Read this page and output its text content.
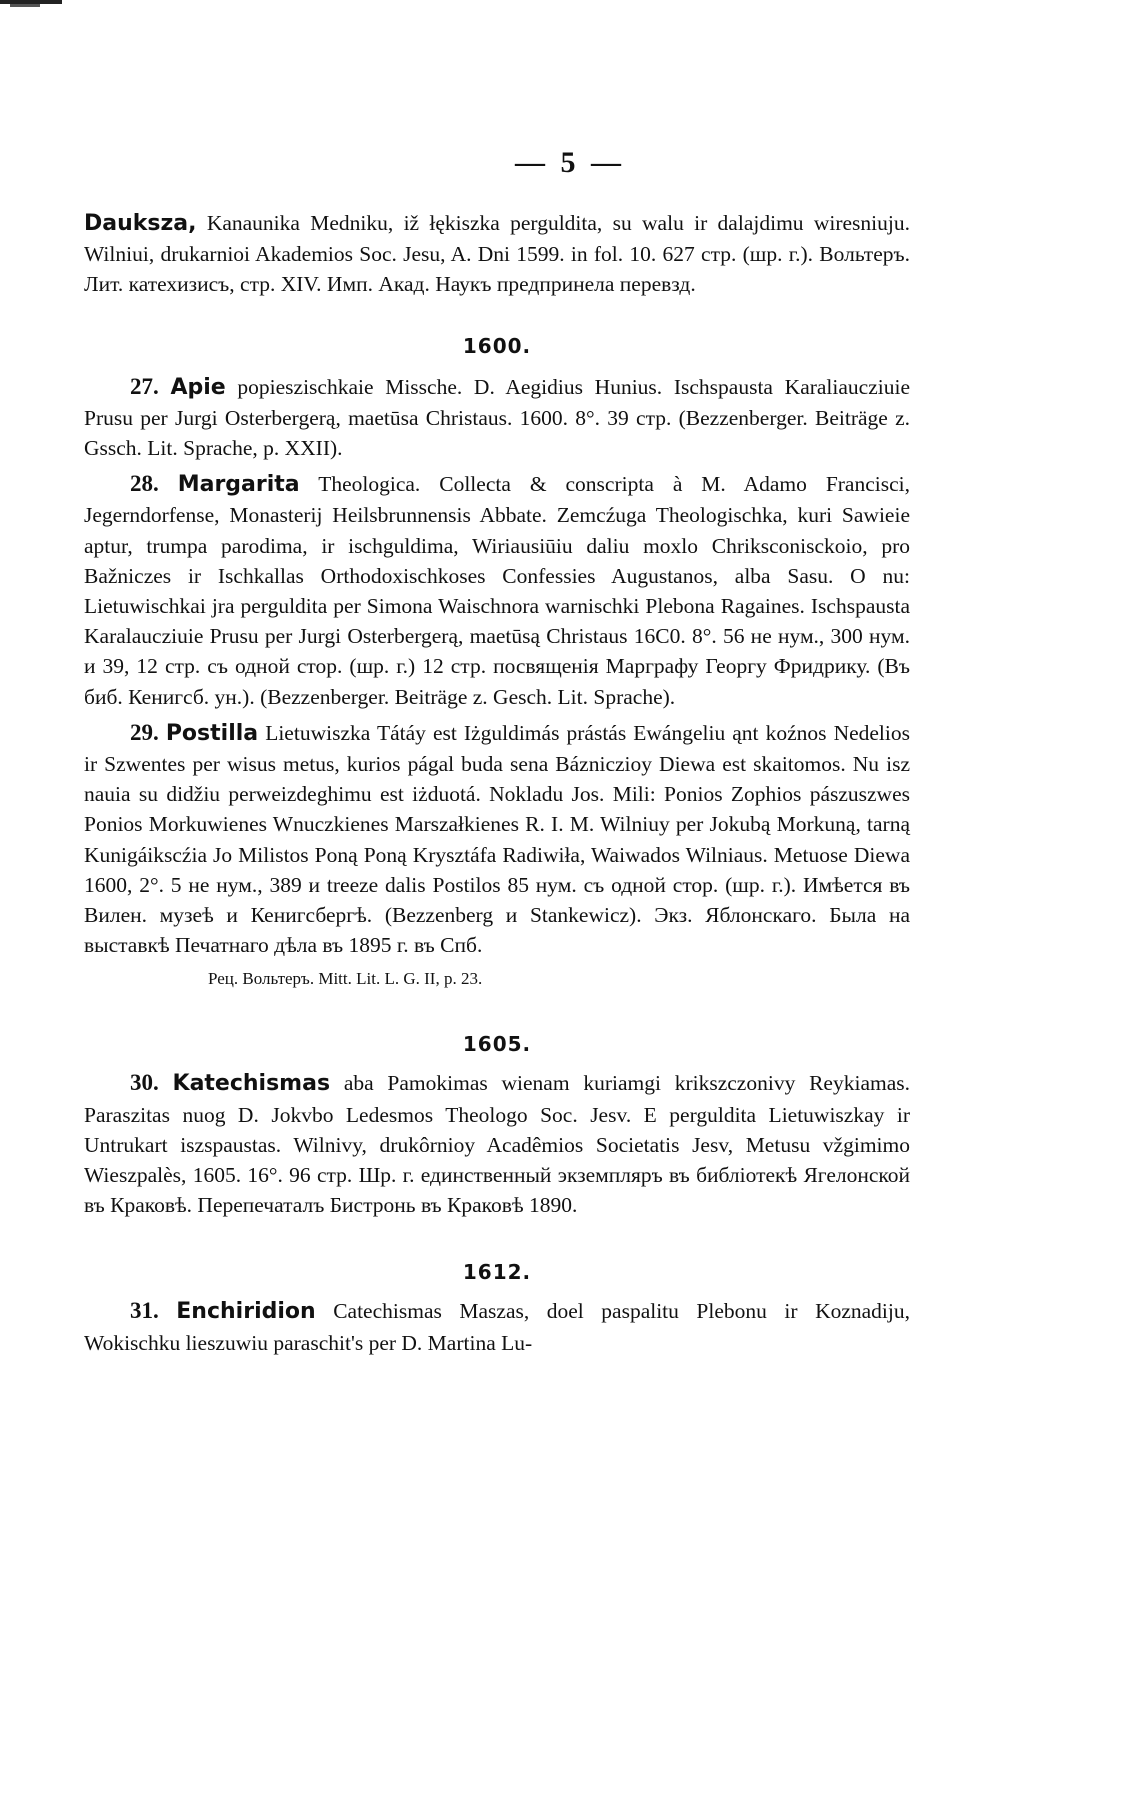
— 5 —

Dauksza, Kanaunika Medniku, iž łękiszka perguldita, su walu ir dalajdimu wiresniuju. Wilniui, drukarnioi Akademios Soc. Jesu, A. Dni 1599. in fol. 10. 627 стр. (шр. г.). Вольтеръ. Лит. катехизисъ, стр. XIV. Имп. Акад. Наукъ предпринела перевзд.

1600.

27. Apie popieszischkaie Missche. D. Aegidius Hunius. Ischspausta Karaliaucziuie Prusu per Jurgi Osterbergerą, maetūsa Christaus. 1600. 8°. 39 стр. (Bezzenberger. Beiträge z. Gssch. Lit. Sprache, p. XXII).

28. Margarita Theologica. Collecta & conscripta à M. Adamo Francisci, Jegerndorfense, Monasterij Heilsbrunnensis Abbate. Zemcźuga Theologischka, kuri Sawieie aptur, trumpa parodima, ir ischguldima, Wiriausiūiu daliu moxlo Chriksconisckoio, pro Bažniczes ir Ischkallas Orthodoxischkoses Confessies Augustanos, alba Sasu. O nu: Lietuwischkai jra perguldita per Simona Waischnora warnischki Plebona Ragaines. Ischspausta Karalaucziuie Prusu per Jurgi Osterbergerą, maetūsą Christaus 16C0. 8°. 56 не нум., 300 нум. и 39, 12 стр. съ одной стор. (шр. г.) 12 стр. посвященія Марграфу Георгу Фридрику. (Въ биб. Кенигсб. ун.). (Bezzenberger. Beiträge z. Gesch. Lit. Sprache).

29. Postilla Lietuwiszka Tátáy est Iżguldimás prástás Ewángeliu ąnt koźnos Nedelios ir Szwentes per wisus metus, kurios págal buda sena Bázniczioy Diewa est skaitomos. Nu isz nauia su didžiu perweizdeghimu est iżduotá. Nokladu Jos. Mili: Ponios Zophios pászuszwes Ponios Morkuwienes Wnuczkienes Marszałkienes R. I. M. Wilniuy per Jokubą Morkuną, tarną Kunigáikscźia Jo Milistos Poną Poną Krysztáfa Radiwiła, Waiwados Wilniaus. Metuose Diewa 1600, 2°. 5 не нум., 389 и treeze dalis Postilos 85 нум. съ одной стор. (шр. г.). Имѣется въ Вилен. музеѣ и Кенигсбергѣ. (Bezzenberg и Stankewicz). Экз. Яблонскаго. Была на выставкѣ Печатнаго дѣла въ 1895 г. въ Спб.

Рец. Вольтеръ. Mitt. Lit. L. G. II, p. 23.
1605.

30. Katechismas aba Pamokimas wienam kuriamgi krikszczonivy Reykiamas. Paraszitas nuog D. Jokvbo Ledesmos Theologo Soc. Jesv. E perguldita Lietuwiszkay ir Untrukart iszspaustas. Wilnivy, drukôrnioy Acadêmios Societatis Jesv, Metusu vžgimimo Wieszpalès, 1605. 16°. 96 стр. Шр. г. единственный экземпляръ въ библіотекѣ Ягелонской въ Краковѣ. Перепечаталъ Бистронь въ Краковѣ 1890.

1612.

31. Enchiridion Catechismas Maszas, doel paspalitu Plebonu ir Koznadiju, Wokischku lieszuwiu paraschit's per D. Martina Lu-
